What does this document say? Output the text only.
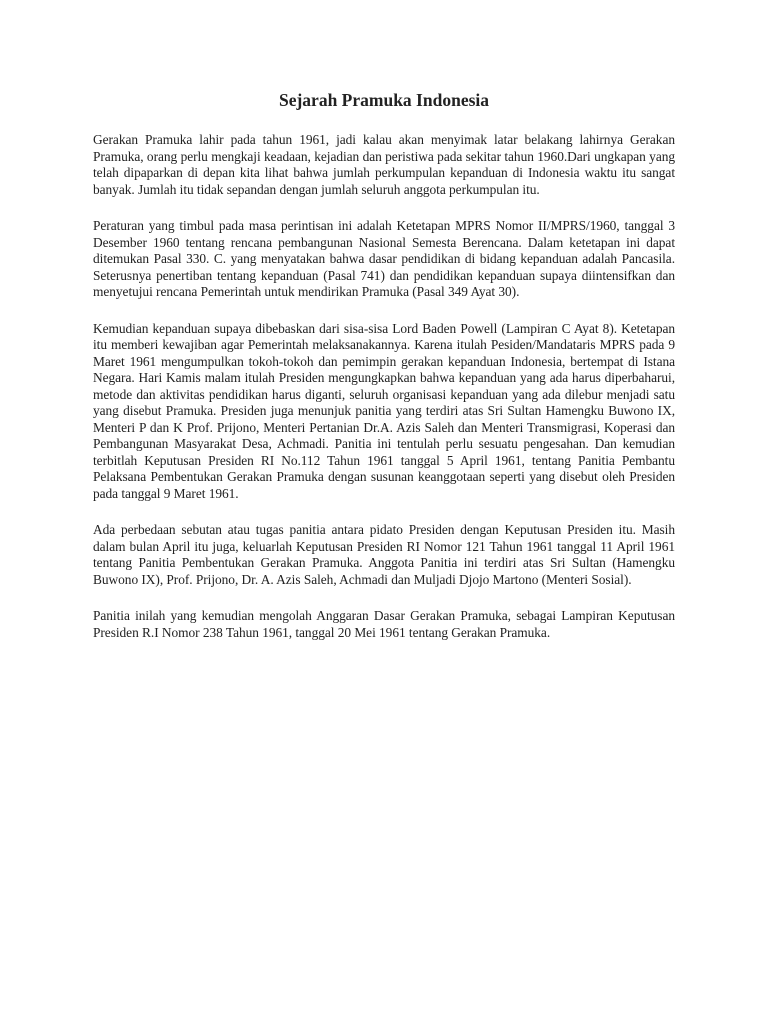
Sejarah Pramuka Indonesia

Gerakan Pramuka lahir pada tahun 1961, jadi kalau akan menyimak latar belakang lahirnya Gerakan Pramuka, orang perlu mengkaji keadaan, kejadian dan peristiwa pada sekitar tahun 1960.Dari ungkapan yang telah dipaparkan di depan kita lihat bahwa jumlah perkumpulan kepanduan di Indonesia waktu itu sangat banyak. Jumlah itu tidak sepandan dengan jumlah seluruh anggota perkumpulan itu.

Peraturan yang timbul pada masa perintisan ini adalah Ketetapan MPRS Nomor II/MPRS/1960, tanggal 3 Desember 1960 tentang rencana pembangunan Nasional Semesta Berencana. Dalam ketetapan ini dapat ditemukan Pasal 330. C. yang menyatakan bahwa dasar pendidikan di bidang kepanduan adalah Pancasila. Seterusnya penertiban tentang kepanduan (Pasal 741) dan pendidikan kepanduan supaya diintensifkan dan menyetujui rencana Pemerintah untuk mendirikan Pramuka (Pasal 349 Ayat 30).

Kemudian kepanduan supaya dibebaskan dari sisa-sisa Lord Baden Powell (Lampiran C Ayat 8). Ketetapan itu memberi kewajiban agar Pemerintah melaksanakannya. Karena itulah Pesiden/Mandataris MPRS pada 9 Maret 1961 mengumpulkan tokoh-tokoh dan pemimpin gerakan kepanduan Indonesia, bertempat di Istana Negara. Hari Kamis malam itulah Presiden mengungkapkan bahwa kepanduan yang ada harus diperbaharui, metode dan aktivitas pendidikan harus diganti, seluruh organisasi kepanduan yang ada dilebur menjadi satu yang disebut Pramuka. Presiden juga menunjuk panitia yang terdiri atas Sri Sultan Hamengku Buwono IX, Menteri P dan K Prof. Prijono, Menteri Pertanian Dr.A. Azis Saleh dan Menteri Transmigrasi, Koperasi dan Pembangunan Masyarakat Desa, Achmadi. Panitia ini tentulah perlu sesuatu pengesahan. Dan kemudian terbitlah Keputusan Presiden RI No.112 Tahun 1961 tanggal 5 April 1961, tentang Panitia Pembantu Pelaksana Pembentukan Gerakan Pramuka dengan susunan keanggotaan seperti yang disebut oleh Presiden pada tanggal 9 Maret 1961.

Ada perbedaan sebutan atau tugas panitia antara pidato Presiden dengan Keputusan Presiden itu. Masih dalam bulan April itu juga, keluarlah Keputusan Presiden RI Nomor 121 Tahun 1961 tanggal 11 April 1961 tentang Panitia Pembentukan Gerakan Pramuka. Anggota Panitia ini terdiri atas Sri Sultan (Hamengku Buwono IX), Prof. Prijono, Dr. A. Azis Saleh, Achmadi dan Muljadi Djojo Martono (Menteri Sosial).

Panitia inilah yang kemudian mengolah Anggaran Dasar Gerakan Pramuka, sebagai Lampiran Keputusan Presiden R.I Nomor 238 Tahun 1961, tanggal 20 Mei 1961 tentang Gerakan Pramuka.
